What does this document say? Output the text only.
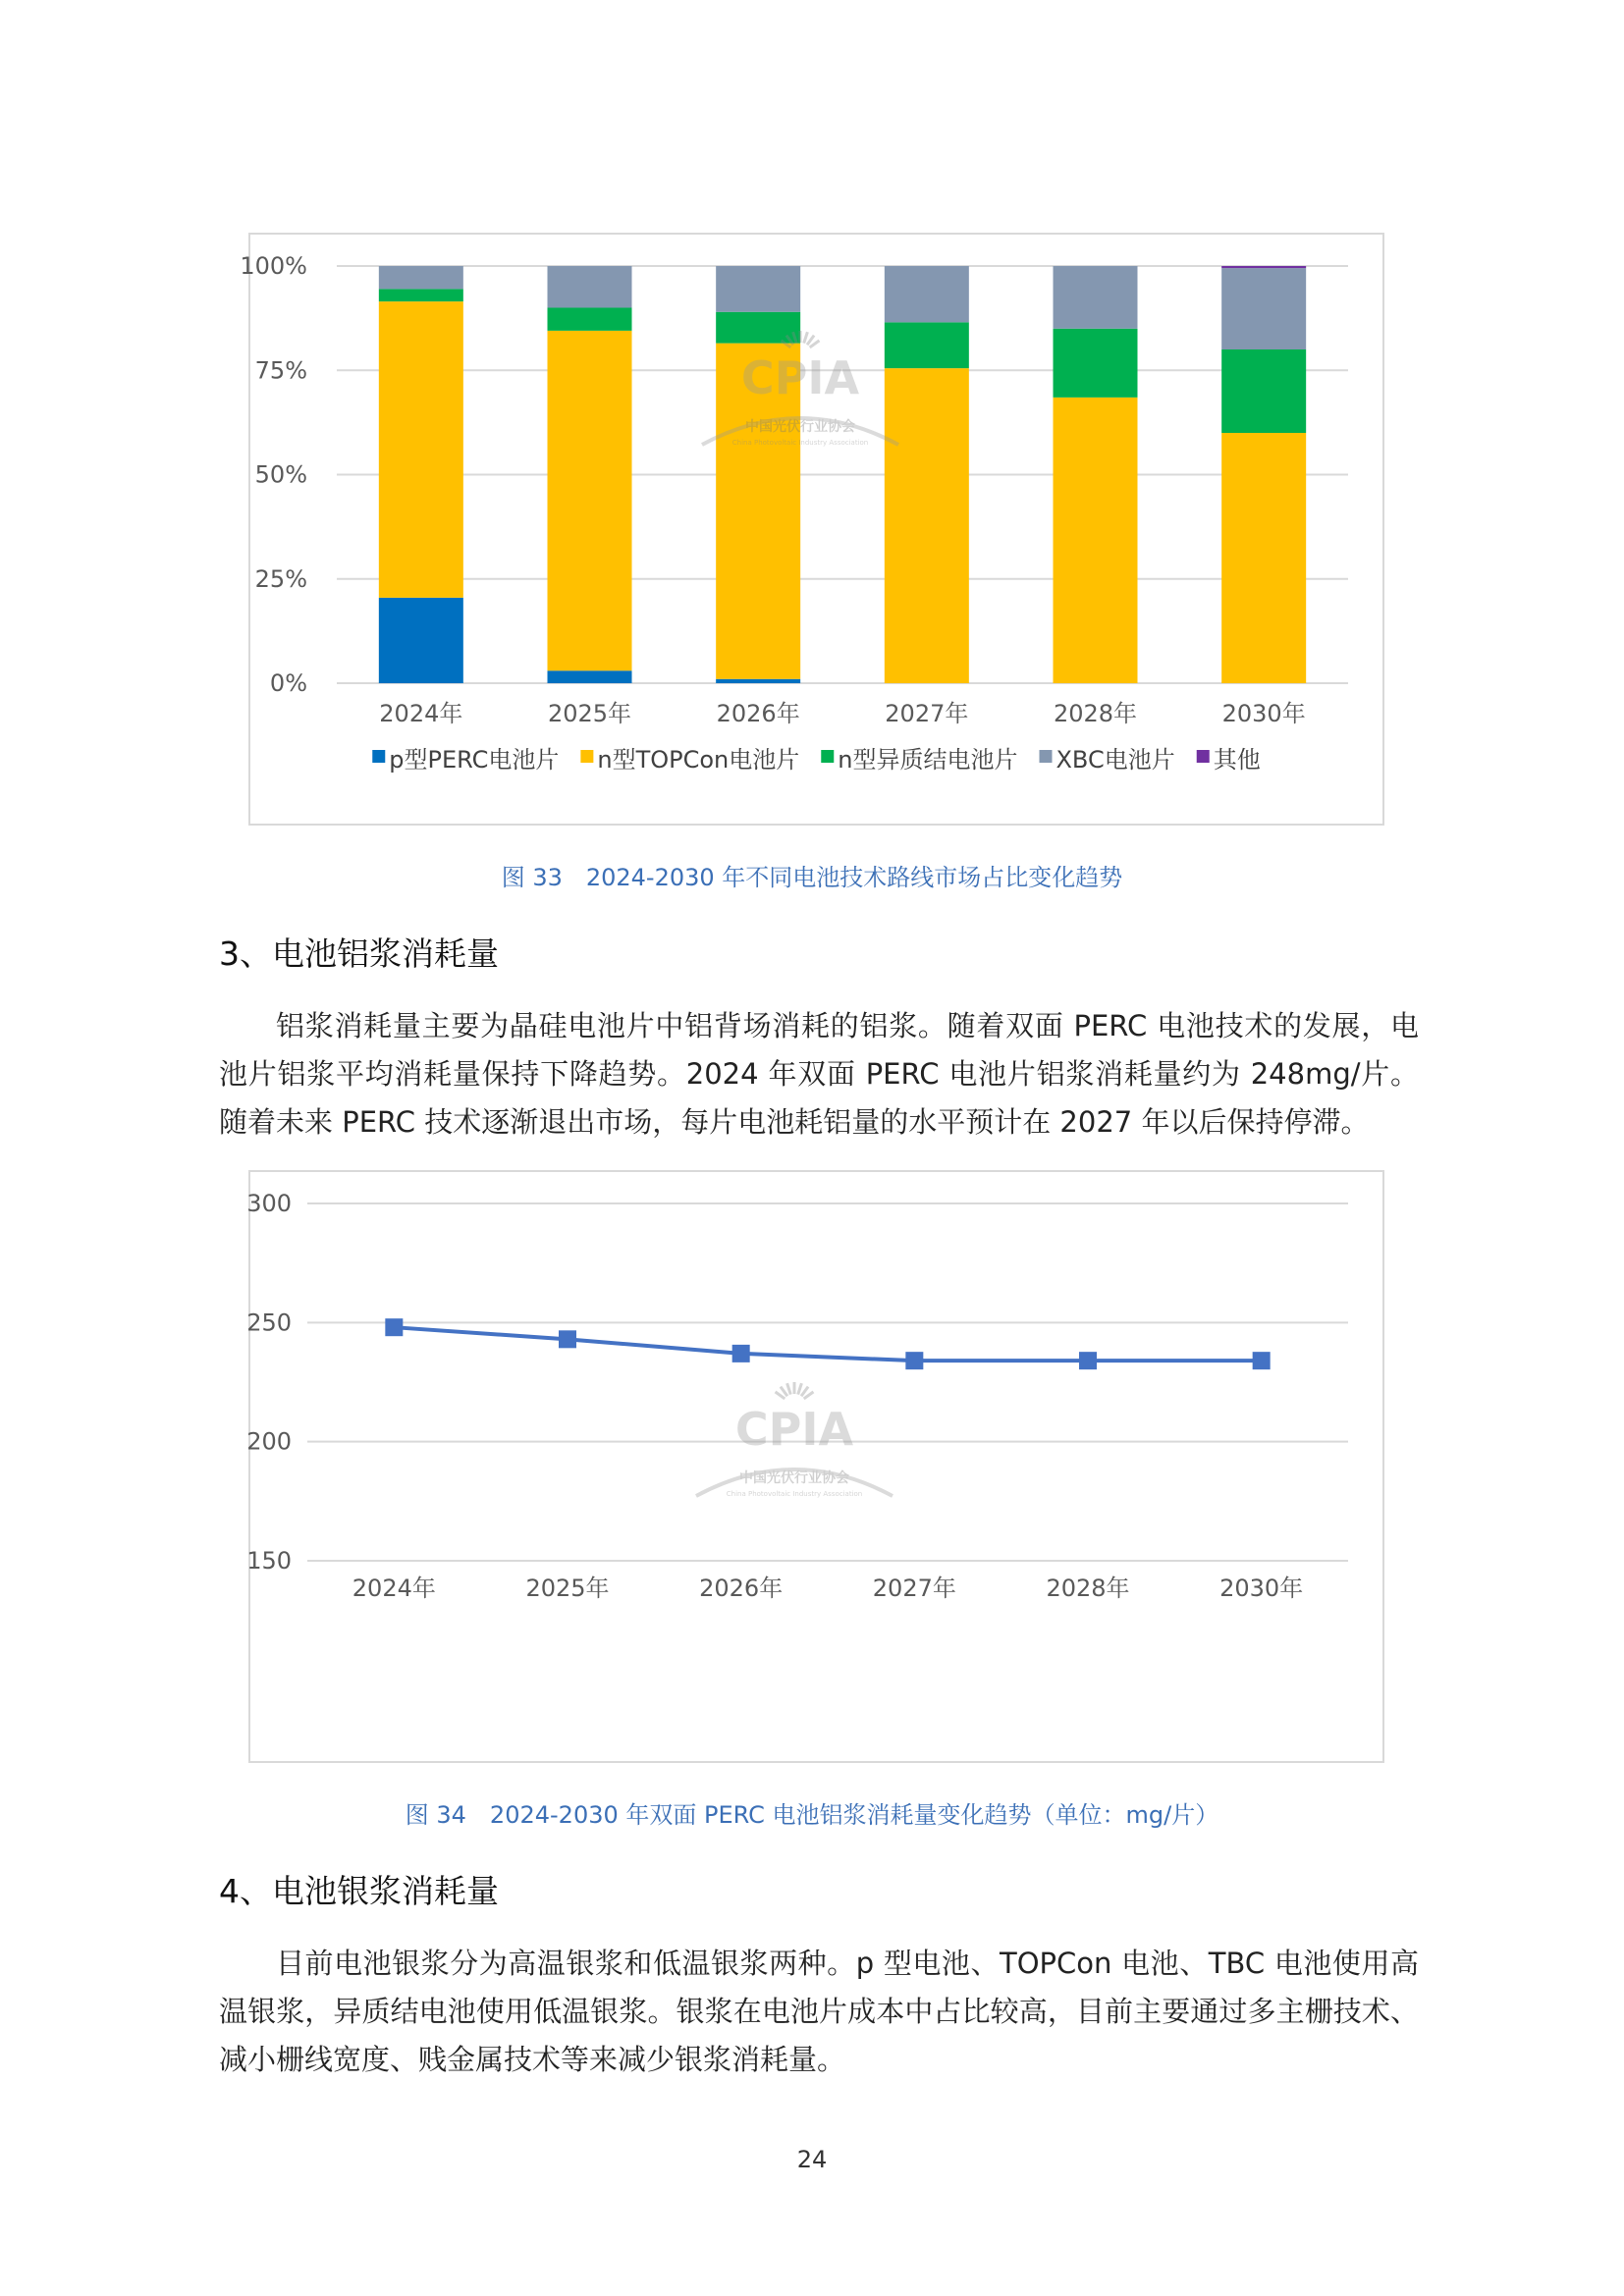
0%
25%
50%
75%
100%
2024年	2025年	2026年	2027年	2028年	2030年
CPIA
中国光伏行业协会
China Photovoltaic Industry Association
p型PERC电池片 n型TOPCon电池片 n型异质结电池片 XBC电池片 其他
图 33　2024-2030 年不同电池技术路线市场占比变化趋势
3、电池铝浆消耗量
铝浆消耗量主要为晶硅电池片中铝背场消耗的铝浆。随着双面 PERC 电池技术的发展，电池片铝浆平均消耗量保持下降趋势。2024 年双面 PERC 电池片铝浆消耗量约为 248mg/片。随着未来 PERC 技术逐渐退出市场，每片电池耗铝量的水平预计在 2027 年以后保持停滞。
150
200
250
300
2024年	2025年	2026年	2027年	2028年	2030年
CPIA
中国光伏行业协会
China Photovoltaic Industry Association
图 34　2024-2030 年双面 PERC 电池铝浆消耗量变化趋势（单位：mg/片）
4、电池银浆消耗量
目前电池银浆分为高温银浆和低温银浆两种。p 型电池、TOPCon 电池、TBC 电池使用高温银浆，异质结电池使用低温银浆。银浆在电池片成本中占比较高，目前主要通过多主栅技术、减小栅线宽度、贱金属技术等来减少银浆消耗量。
24
